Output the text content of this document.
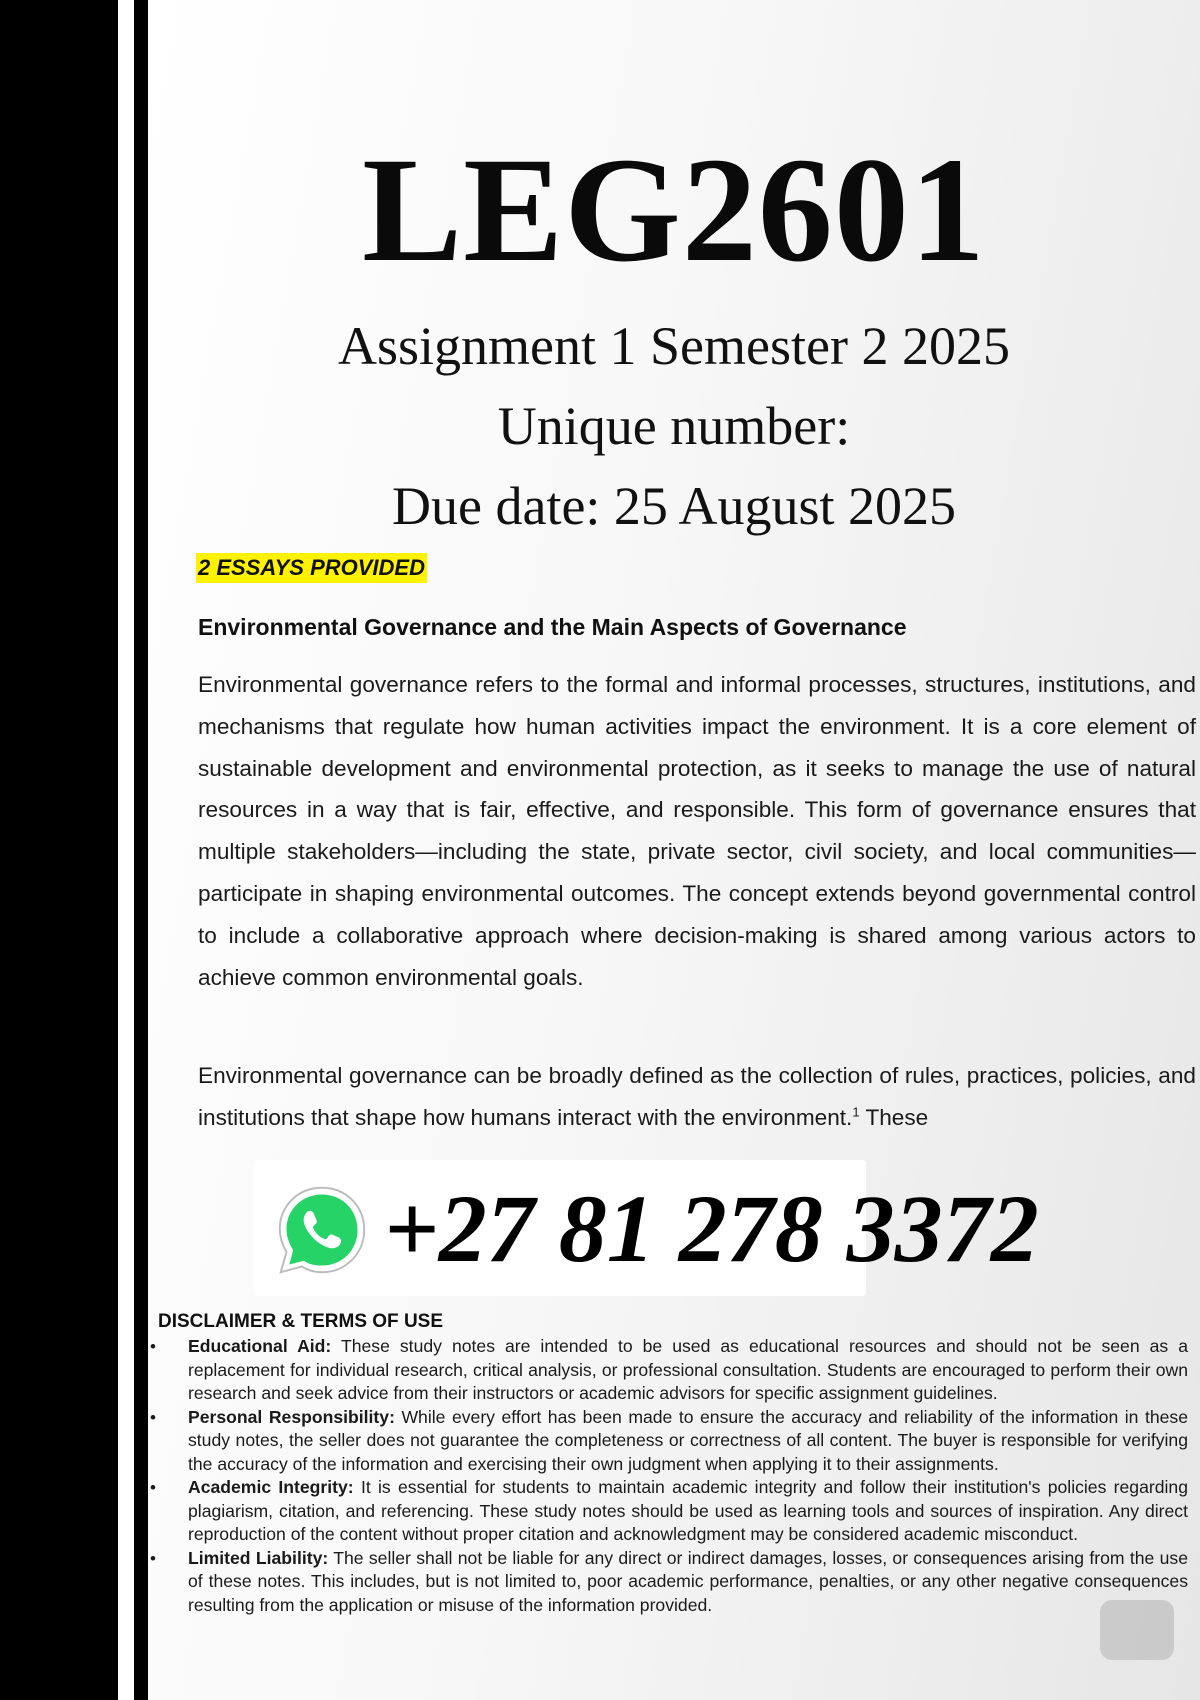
LEG2601
Assignment 1 Semester 2 2025
Unique number:
Due date: 25 August 2025
2 ESSAYS PROVIDED
Environmental Governance and the Main Aspects of Governance

Environmental governance refers to the formal and informal processes, structures, institutions, and mechanisms that regulate how human activities impact the environment. It is a core element of sustainable development and environmental protection, as it seeks to manage the use of natural resources in a way that is fair, effective, and responsible. This form of governance ensures that multiple stakeholders—including the state, private sector, civil society, and local communities—participate in shaping environmental outcomes. The concept extends beyond governmental control to include a collaborative approach where decision-making is shared among various actors to achieve common environmental goals.

Environmental governance can be broadly defined as the collection of rules, practices, policies, and institutions that shape how humans interact with the environment.$^1$ These

+27 81 278 3372
DISCLAIMER & TERMS OF USE
• Educational Aid: These study notes are intended to be used as educational resources and should not be seen as a replacement for individual research, critical analysis, or professional consultation. Students are encouraged to perform their own research and seek advice from their instructors or academic advisors for specific assignment guidelines.
• Personal Responsibility: While every effort has been made to ensure the accuracy and reliability of the information in these study notes, the seller does not guarantee the completeness or correctness of all content. The buyer is responsible for verifying the accuracy of the information and exercising their own judgment when applying it to their assignments.
• Academic Integrity: It is essential for students to maintain academic integrity and follow their institution's policies regarding plagiarism, citation, and referencing. These study notes should be used as learning tools and sources of inspiration. Any direct reproduction of the content without proper citation and acknowledgment may be considered academic misconduct.
• Limited Liability: The seller shall not be liable for any direct or indirect damages, losses, or consequences arising from the use of these notes. This includes, but is not limited to, poor academic performance, penalties, or any other negative consequences resulting from the application or misuse of the information provided.
